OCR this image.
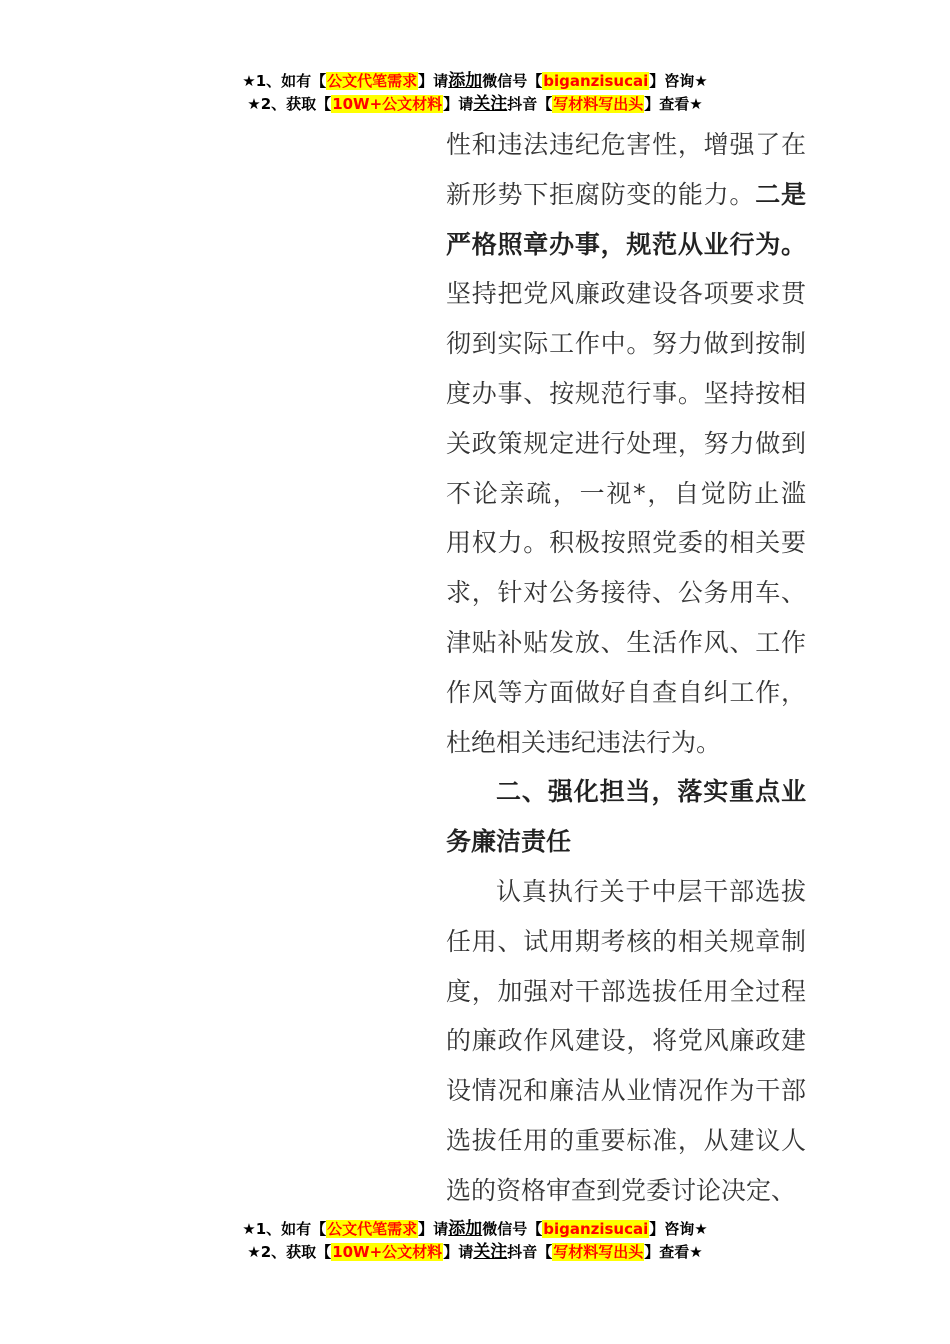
★1、如有【公文代笔需求】请添加微信号【biganzisucai】咨询★
★2、获取【10W+公文材料】请关注抖音【写材料写出头】查看★

性和违法违纪危害性，增强了在新形势下拒腐防变的能力。二是严格照章办事，规范从业行为。坚持把党风廉政建设各项要求贯彻到实际工作中。努力做到按制度办事、按规范行事。坚持按相关政策规定进行处理，努力做到不论亲疏，一视*，自觉防止滥用权力。积极按照党委的相关要求，针对公务接待、公务用车、津贴补贴发放、生活作风、工作作风等方面做好自查自纠工作，杜绝相关违纪违法行为。

二、强化担当，落实重点业务廉洁责任

认真执行关于中层干部选拔任用、试用期考核的相关规章制度，加强对干部选拔任用全过程的廉政作风建设，将党风廉政建设情况和廉洁从业情况作为干部选拔任用的重要标准，从建议人选的资格审查到党委讨论决定、

★1、如有【公文代笔需求】请添加微信号【biganzisucai】咨询★
★2、获取【10W+公文材料】请关注抖音【写材料写出头】查看★
